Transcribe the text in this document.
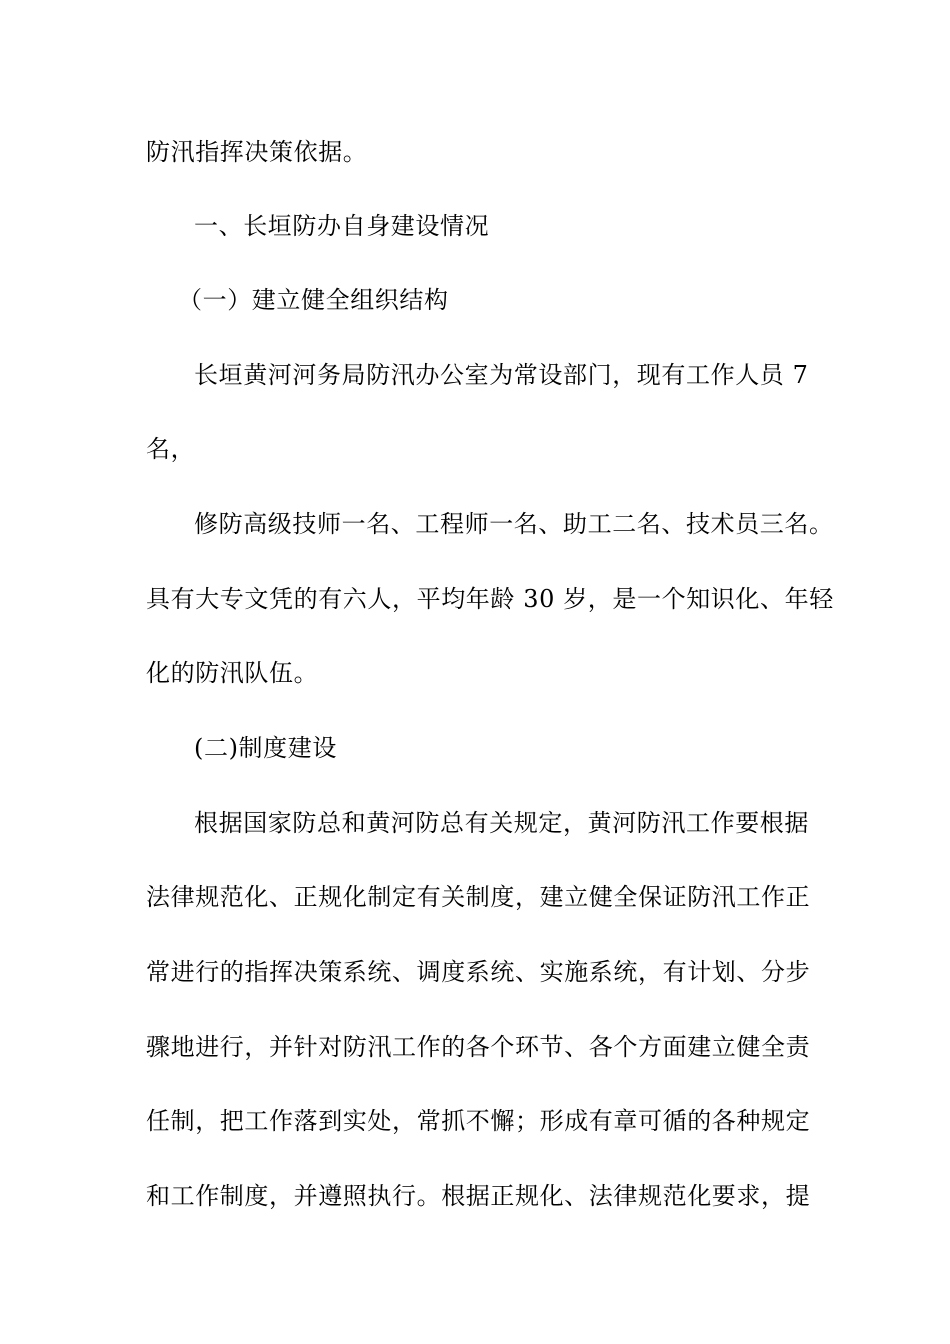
防汛指挥决策依据。
一、长垣防办自身建设情况
（一）建立健全组织结构
长垣黄河河务局防汛办公室为常设部门，现有工作人员 7
名，
修防高级技师一名、工程师一名、助工二名、技术员三名。
具有大专文凭的有六人，平均年龄 30 岁，是一个知识化、年轻
化的防汛队伍。
(二)制度建设
根据国家防总和黄河防总有关规定，黄河防汛工作要根据
法律规范化、正规化制定有关制度，建立健全保证防汛工作正
常进行的指挥决策系统、调度系统、实施系统，有计划、分步
骤地进行，并针对防汛工作的各个环节、各个方面建立健全责
任制，把工作落到实处，常抓不懈；形成有章可循的各种规定
和工作制度，并遵照执行。根据正规化、法律规范化要求，提
